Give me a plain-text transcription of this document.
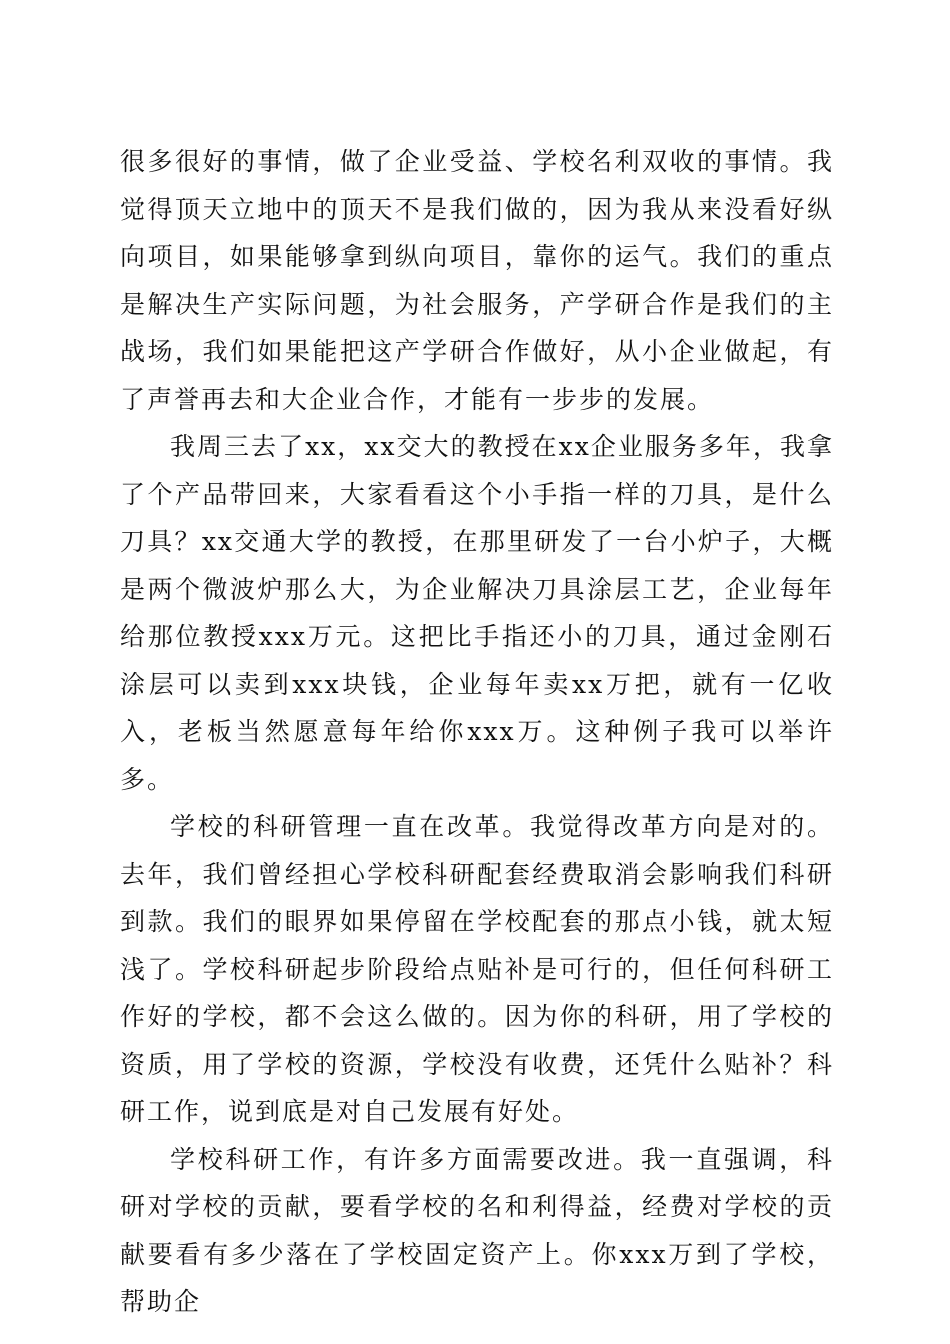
很多很好的事情，做了企业受益、学校名利双收的事情。我觉得顶天立地中的顶天不是我们做的，因为我从来没看好纵向项目，如果能够拿到纵向项目，靠你的运气。我们的重点是解决生产实际问题，为社会服务，产学研合作是我们的主战场，我们如果能把这产学研合作做好，从小企业做起，有了声誉再去和大企业合作，才能有一步步的发展。

我周三去了xx，xx交大的教授在xx企业服务多年，我拿了个产品带回来，大家看看这个小手指一样的刀具，是什么刀具？xx交通大学的教授，在那里研发了一台小炉子，大概是两个微波炉那么大，为企业解决刀具涂层工艺，企业每年给那位教授xxx万元。这把比手指还小的刀具，通过金刚石涂层可以卖到xxx块钱，企业每年卖xx万把，就有一亿收入，老板当然愿意每年给你xxx万。这种例子我可以举许多。

学校的科研管理一直在改革。我觉得改革方向是对的。去年，我们曾经担心学校科研配套经费取消会影响我们科研到款。我们的眼界如果停留在学校配套的那点小钱，就太短浅了。学校科研起步阶段给点贴补是可行的，但任何科研工作好的学校，都不会这么做的。因为你的科研，用了学校的资质，用了学校的资源，学校没有收费，还凭什么贴补？科研工作，说到底是对自己发展有好处。

学校科研工作，有许多方面需要改进。我一直强调，科研对学校的贡献，要看学校的名和利得益，经费对学校的贡献要看有多少落在了学校固定资产上。你xxx万到了学校，帮助企
